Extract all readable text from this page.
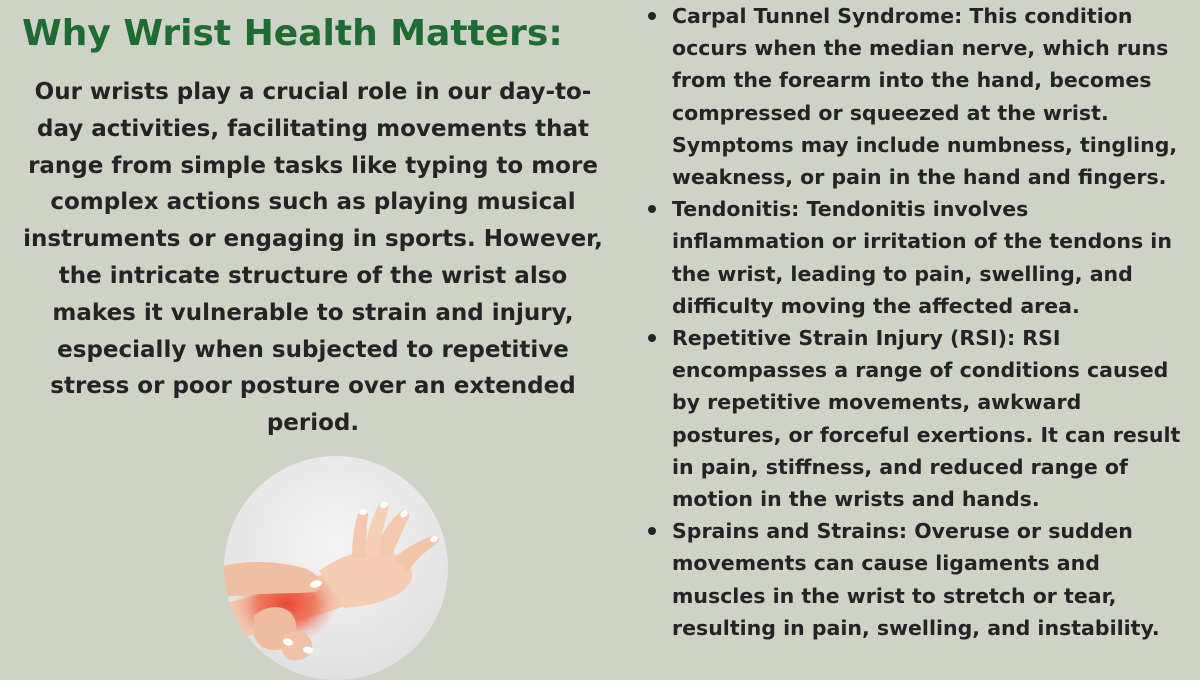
Why Wrist Health Matters:

Our wrists play a crucial role in our day-to-day activities, facilitating movements that range from simple tasks like typing to more complex actions such as playing musical instruments or engaging in sports. However, the intricate structure of the wrist also makes it vulnerable to strain and injury, especially when subjected to repetitive stress or poor posture over an extended period.

Carpal Tunnel Syndrome: This condition occurs when the median nerve, which runs from the forearm into the hand, becomes compressed or squeezed at the wrist. Symptoms may include numbness, tingling, weakness, or pain in the hand and fingers.
Tendonitis: Tendonitis involves inflammation or irritation of the tendons in the wrist, leading to pain, swelling, and difficulty moving the affected area.
Repetitive Strain Injury (RSI): RSI encompasses a range of conditions caused by repetitive movements, awkward postures, or forceful exertions. It can result in pain, stiffness, and reduced range of motion in the wrists and hands.
Sprains and Strains: Overuse or sudden movements can cause ligaments and muscles in the wrist to stretch or tear, resulting in pain, swelling, and instability.
